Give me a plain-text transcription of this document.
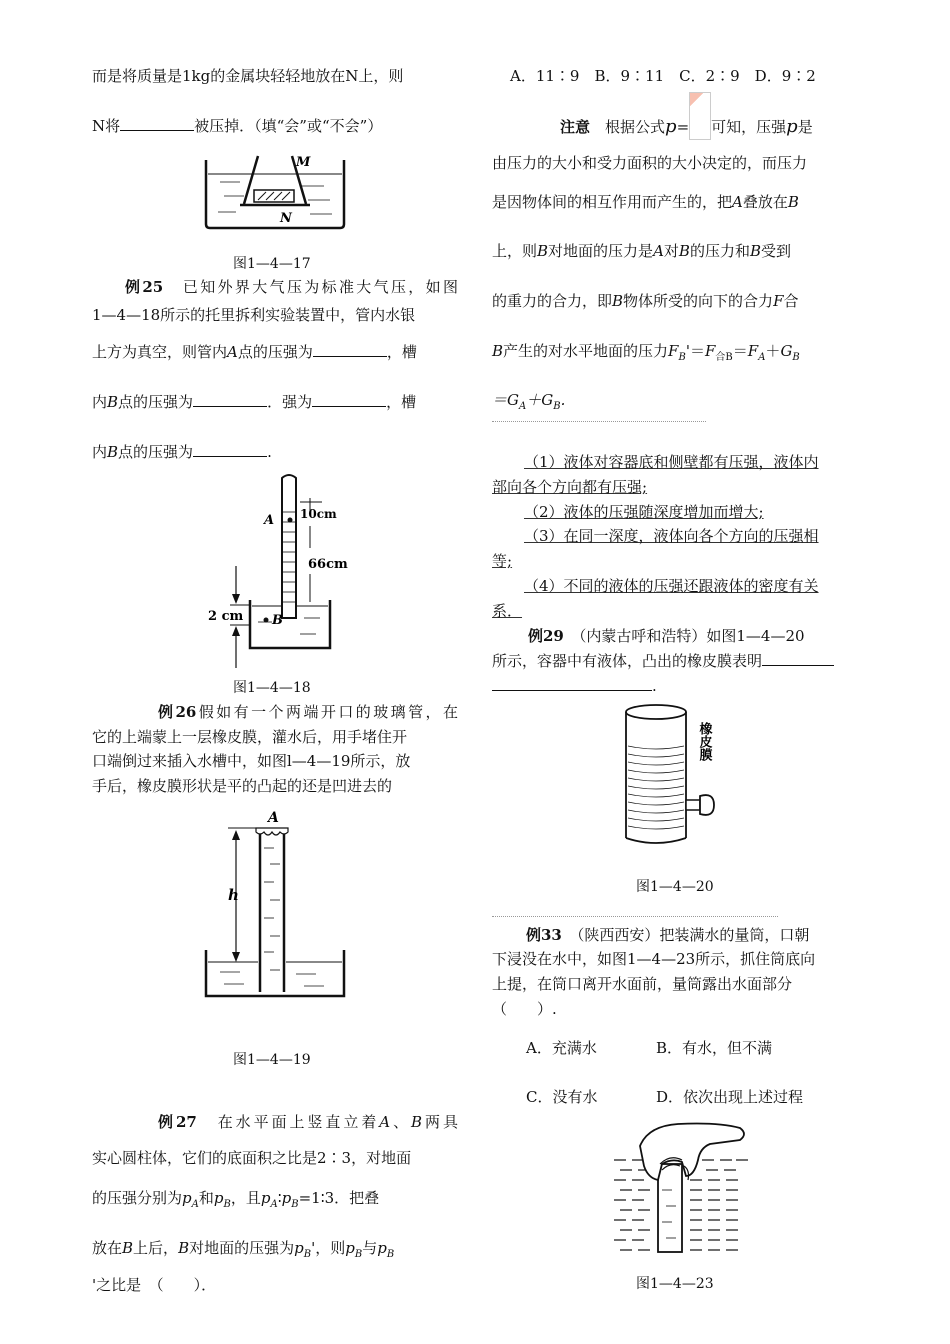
而是将质量是1kg的金属块轻轻地放在N上，则
N将	被压掉．（填“会”或“不会”）
M
N
图1—4—17
例25　 已知外界大气压为标准大气压，如图
1—4—18所示的托里拆利实验装置中，管内水银
上方为真空，则管内A点的压强为	，槽
内B点的压强为	．强为	，槽
内B点的压强为	.
A
B
10cm
66cm
2 cm
图1—4—18
例26假如有一个两端开口的玻璃管，在
它的上端蒙上一层橡皮膜，灌水后，用手堵住开
口端倒过来插入水槽中，如图l—4—19所示，放
手后，橡皮膜形状是平的凸起的还是凹进去的
A
h
图1—4—19
例27　 在水平面上竖直立着A、B两具
实心圆柱体，它们的底面积之比是2∶3，对地面
的压强分别为$p_A$和$p_B$，且$p_A∶p_B=1∶3$．把叠
放在B上后，B对地面的压强为$p_B'$，则$p_B$与$p_B$
'之比是　（　　）．
A．11∶9　B．9∶11　C．2∶9　D．9∶2
注意　 根据公式p= 可知，压强p是
由压力的大小和受力面积的大小决定的，而压力
是因物体间的相互作用而产生的，把A叠放在B
上，则B对地面的压力是A对B的压力和B受到
的重力的合力，即B物体所受的向下的合力F合
B产生的对水平地面的压力$F_B'=F_{合B}=F_A+G_B$
$=G_A+G_B$.
（1）液体对容器底和侧壁都有压强，液体内
部向各个方向都有压强;
（2）液体的压强随深度增加而增大;
（3）在同一深度，液体向各个方向的压强相
等;
（4）不同的液体的压强还跟液体的密度有关
系．
例29　 （内蒙古呼和浩特）如图1—4—20
所示，容器中有液体，凸出的橡皮膜表明
.
橡皮膜
图1—4—20
例33　 （陕西西安）把装满水的量筒，口朝
下浸没在水中，如图1—4—23所示，抓住筒底向
上提，在筒口离开水面前，量筒露出水面部分
（　　）.
A．充满水	B．有水，但不满
C．没有水	D．依次出现上述过程
图1—4—23
